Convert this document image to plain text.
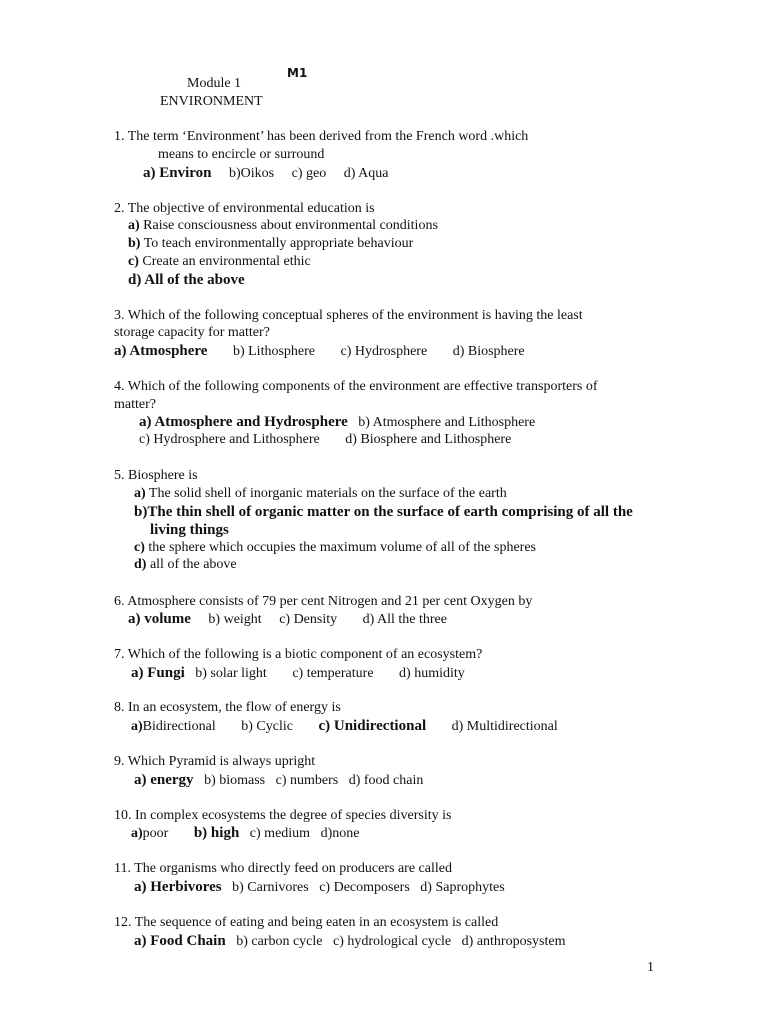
M1
Module 1
ENVIRONMENT
1. The term ‘Environment’ has been derived from the French word .which
means to encircle or surround
a) Environ b)Oikos c) geo d) Aqua
2. The objective of environmental education is
a) Raise consciousness about environmental conditions
b) To teach environmentally appropriate behaviour
c) Create an environmental ethic
d) All of the above
3. Which of the following conceptual spheres of the environment is having the least
storage capacity for matter?
a) Atmosphere b) Lithosphere c) Hydrosphere d) Biosphere
4. Which of the following components of the environment are effective transporters of
matter?
a) Atmosphere and Hydrosphere b) Atmosphere and Lithosphere
c) Hydrosphere and Lithosphere d) Biosphere and Lithosphere
5. Biosphere is
a) The solid shell of inorganic materials on the surface of the earth
b)The thin shell of organic matter on the surface of earth comprising of all the
living things
c) the sphere which occupies the maximum volume of all of the spheres
d) all of the above
6. Atmosphere consists of 79 per cent Nitrogen and 21 per cent Oxygen by
a) volume b) weight c) Density d) All the three
7. Which of the following is a biotic component of an ecosystem?
a) Fungi b) solar light c) temperature d) humidity
8. In an ecosystem, the flow of energy is
a)Bidirectional b) Cyclic c) Unidirectional d) Multidirectional
9. Which Pyramid is always upright
a) energy b) biomass c) numbers d) food chain
10. In complex ecosystems the degree of species diversity is
a)poor b) high c) medium d)none
11. The organisms who directly feed on producers are called
a) Herbivores b) Carnivores c) Decomposers d) Saprophytes
12. The sequence of eating and being eaten in an ecosystem is called
a) Food Chain b) carbon cycle c) hydrological cycle d) anthroposystem
1
